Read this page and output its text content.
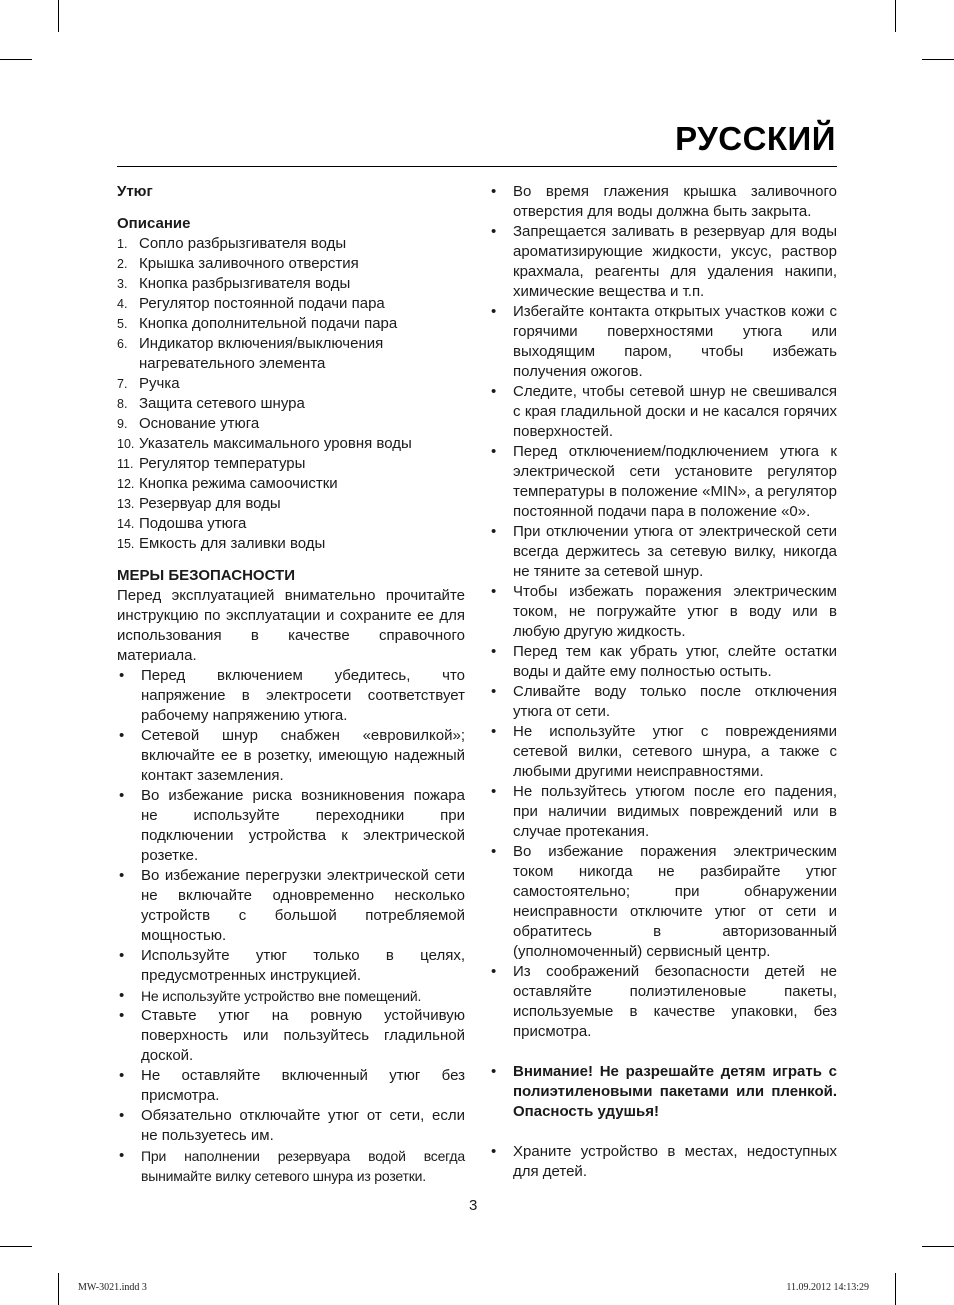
РУССКИЙ

Утюг

Описание

1. Сопло разбрызгивателя воды
2. Крышка заливочного отверстия
3. Кнопка разбрызгивателя воды
4. Регулятор постоянной подачи пара
5. Кнопка дополнительной подачи пара
6. Индикатор включения/выключения нагревательного элемента
7. Ручка
8. Защита сетевого шнура
9. Основание утюга
10. Указатель максимального уровня воды
11. Регулятор температуры
12. Кнопка режима самоочистки
13. Резервуар для воды
14. Подошва утюга
15. Емкость для заливки воды

МЕРЫ БЕЗОПАСНОСТИ

Перед эксплуатацией внимательно прочитайте инструкцию по эксплуатации и сохраните ее для использования в качестве справочного материала.

•	Перед включением убедитесь, что напряжение в электросети соответствует рабочему напряжению утюга.
•	Сетевой шнур снабжен «евровилкой»; включайте ее в розетку, имеющую надежный контакт заземления.
•	Во избежание риска возникновения пожара не используйте переходники при подключении устройства к электрической розетке.
•	Во избежание перегрузки электрической сети не включайте одновременно несколько устройств с большой потребляемой мощностью.
•	Используйте утюг только в целях, предусмотренных инструкцией.
•	Не используйте устройство вне помещений.
•	Ставьте утюг на ровную устойчивую поверхность или пользуйтесь гладильной доской.
•	Не оставляйте включенный утюг без присмотра.
•	Обязательно отключайте утюг от сети, если не пользуетесь им.
•	При наполнении резервуара водой всегда вынимайте вилку сетевого шнура из розетки.
•	Во время глажения крышка заливочного отверстия для воды должна быть закрыта.
•	Запрещается заливать в резервуар для воды ароматизирующие жидкости, уксус, раствор крахмала, реагенты для удаления накипи, химические вещества и т.п.
•	Избегайте контакта открытых участков кожи с горячими поверхностями утюга или выходящим паром, чтобы избежать получения ожогов.
•	Следите, чтобы сетевой шнур не свешивался с края гладильной доски и не касался горячих поверхностей.
•	Перед отключением/подключением утюга к электрической сети установите регулятор температуры в положение «MIN», а регулятор постоянной подачи пара в положение «0».
•	При отключении утюга от электрической сети всегда держитесь за сетевую вилку, никогда не тяните за сетевой шнур.
•	Чтобы избежать поражения электрическим током, не погружайте утюг в воду или в любую другую жидкость.
•	Перед тем как убрать утюг, слейте остатки воды и дайте ему полностью остыть.
•	Сливайте воду только после отключения утюга от сети.
•	Не используйте утюг с повреждениями сетевой вилки, сетевого шнура, а также с любыми другими неисправностями.
•	Не пользуйтесь утюгом после его падения, при наличии видимых повреждений или в случае протекания.
•	Во избежание поражения электрическим током никогда не разбирайте утюг самостоятельно; при обнаружении неисправности отключите утюг от сети и обратитесь в авторизованный (уполномоченный) сервисный центр.
•	Из соображений безопасности детей не оставляйте полиэтиленовые пакеты, используемые в качестве упаковки, без присмотра.
•	Внимание! Не разрешайте детям играть с полиэтиленовыми пакетами или пленкой. Опасность удушья!
•	Храните устройство в местах, недоступных для детей.
3
MW-3021.indd 3	11.09.2012 14:13:29
